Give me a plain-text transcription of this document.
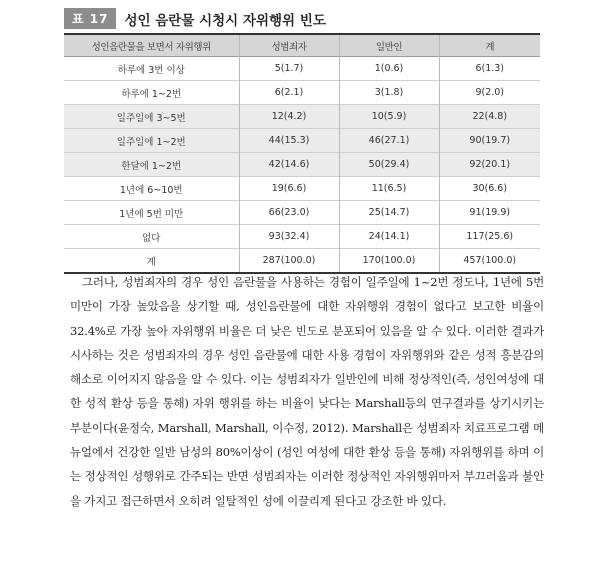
표 17	성인 음란물 시청시 자위행위 빈도
성인음란물을 보면서 자위행위	성범죄자	일반인	계
하루에 3번 이상	5(1.7)	1(0.6)	6(1.3)
하루에 1~2번	6(2.1)	3(1.8)	9(2.0)
일주일에 3~5번	12(4.2)	10(5.9)	22(4.8)
일주일에 1~2번	44(15.3)	46(27.1)	90(19.7)
한달에 1~2번	42(14.6)	50(29.4)	92(20.1)
1년에 6~10번	19(6.6)	11(6.5)	30(6.6)
1년에 5번 미만	66(23.0)	25(14.7)	91(19.9)
없다	93(32.4)	24(14.1)	117(25.6)
계	287(100.0)	170(100.0)	457(100.0)

그러나, 성범죄자의 경우 성인 음란물을 사용하는 경험이 일주일에 1~2번 정도나, 1년에 5번 미만이 가장 높았음을 상기할 때, 성인음란물에 대한 자위행위 경험이 없다고 보고한 비율이 32.4%로 가장 높아 자위행위 비율은 더 낮은 빈도로 분포되어 있음을 알 수 있다. 이러한 결과가 시사하는 것은 성범죄자의 경우 성인 음란물에 대한 사용 경험이 자위행위와 같은 성적 흥분감의 해소로 이어지지 않음을 알 수 있다. 이는 성범죄자가 일반인에 비해 정상적인(즉, 성인여성에 대한 성적 환상 등을 통해) 자위 행위를 하는 비율이 낮다는 Marshall등의 연구결과를 상기시키는 부분이다(윤정숙, Marshall, Marshall, 이수정, 2012). Marshall은 성범죄자 치료프로그램 메뉴얼에서 건강한 일반 남성의 80%이상이 (성인 여성에 대한 환상 등을 통해) 자위행위를 하며 이는 정상적인 성행위로 간주되는 반면 성범죄자는 이러한 정상적인 자위행위마저 부끄러움과 불안을 가지고 접근하면서 오히려 일탈적인 성에 이끌리게 된다고 강조한 바 있다.
